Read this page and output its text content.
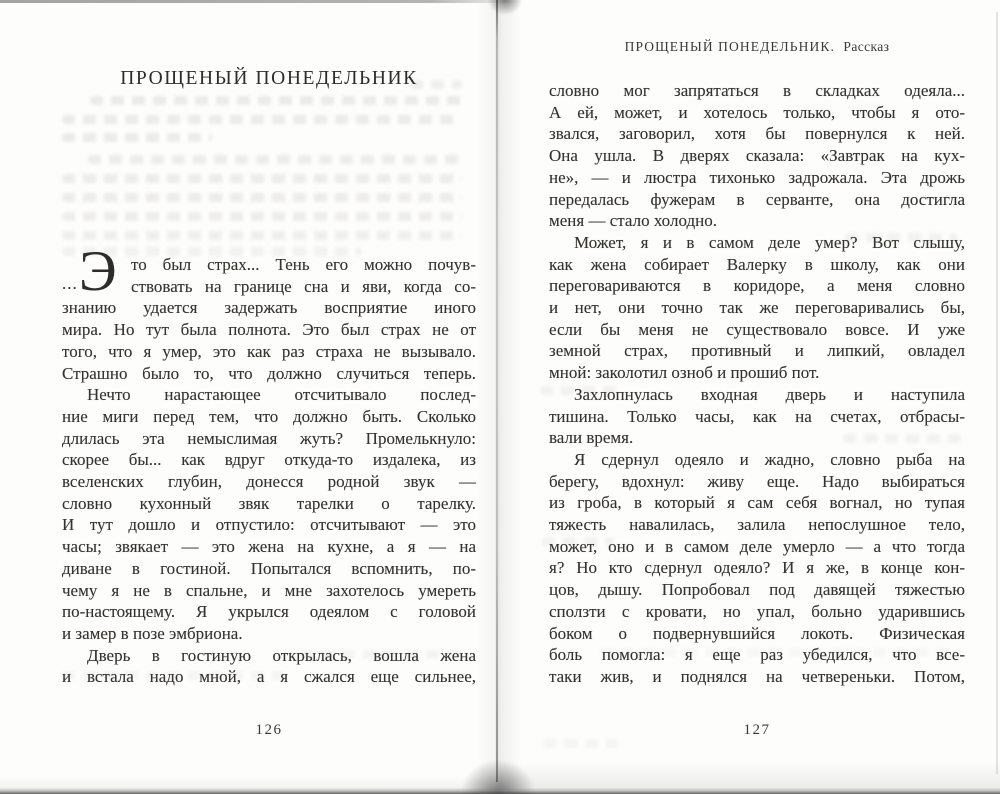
ПРОЩЕНЫЙ ПОНЕДЕЛЬНИК
... Э то был страх... Тень его можно почув-
ствовать на границе сна и яви, когда со-
знанию удается задержать восприятие иного
мира. Но тут была полнота. Это был страх не от
того, что я умер, это как раз страха не вызывало.
Страшно было то, что должно случиться теперь.
Нечто нарастающее отсчитывало послед-
ние миги перед тем, что должно быть. Сколько
длилась эта немыслимая жуть? Промелькнуло:
скорее бы... как вдруг откуда-то издалека, из
вселенских глубин, донесся родной звук —
словно кухонный звяк тарелки о тарелку.
И тут дошло и отпустило: отсчитывают — это
часы; звякает — это жена на кухне, а я — на
диване в гостиной. Попытался вспомнить, по-
чему я не в спальне, и мне захотелось умереть
по-настоящему. Я укрылся одеялом с головой
и замер в позе эмбриона.
Дверь в гостиную открылась, вошла жена
и встала надо мной, а я сжался еще сильнее,
126
ПРОЩЕНЫЙ ПОНЕДЕЛЬНИК. Рассказ
словно мог запрятаться в складках одеяла...
А ей, может, и хотелось только, чтобы я ото-
звался, заговорил, хотя бы повернулся к ней.
Она ушла. В дверях сказала: «Завтрак на кух-
не», — и люстра тихонько задрожала. Эта дрожь
передалась фужерам в серванте, она достигла
меня — стало холодно.
Может, я и в самом деле умер? Вот слышу,
как жена собирает Валерку в школу, как они
переговариваются в коридоре, а меня словно
и нет, они точно так же переговаривались бы,
если бы меня не существовало вовсе. И уже
земной страх, противный и липкий, овладел
мной: заколотил озноб и прошиб пот.
Захлопнулась входная дверь и наступила
тишина. Только часы, как на счетах, отбрасы-
вали время.
Я сдернул одеяло и жадно, словно рыба на
берегу, вдохнул: живу еще. Надо выбираться
из гроба, в который я сам себя вогнал, но тупая
тяжесть навалилась, залила непослушное тело,
может, оно и в самом деле умерло — а что тогда
я? Но кто сдернул одеяло? И я же, в конце кон-
цов, дышу. Попробовал под давящей тяжестью
сползти с кровати, но упал, больно ударившись
боком о подвернувшийся локоть. Физическая
боль помогла: я еще раз убедился, что все-
таки жив, и поднялся на четвереньки. Потом,
127
